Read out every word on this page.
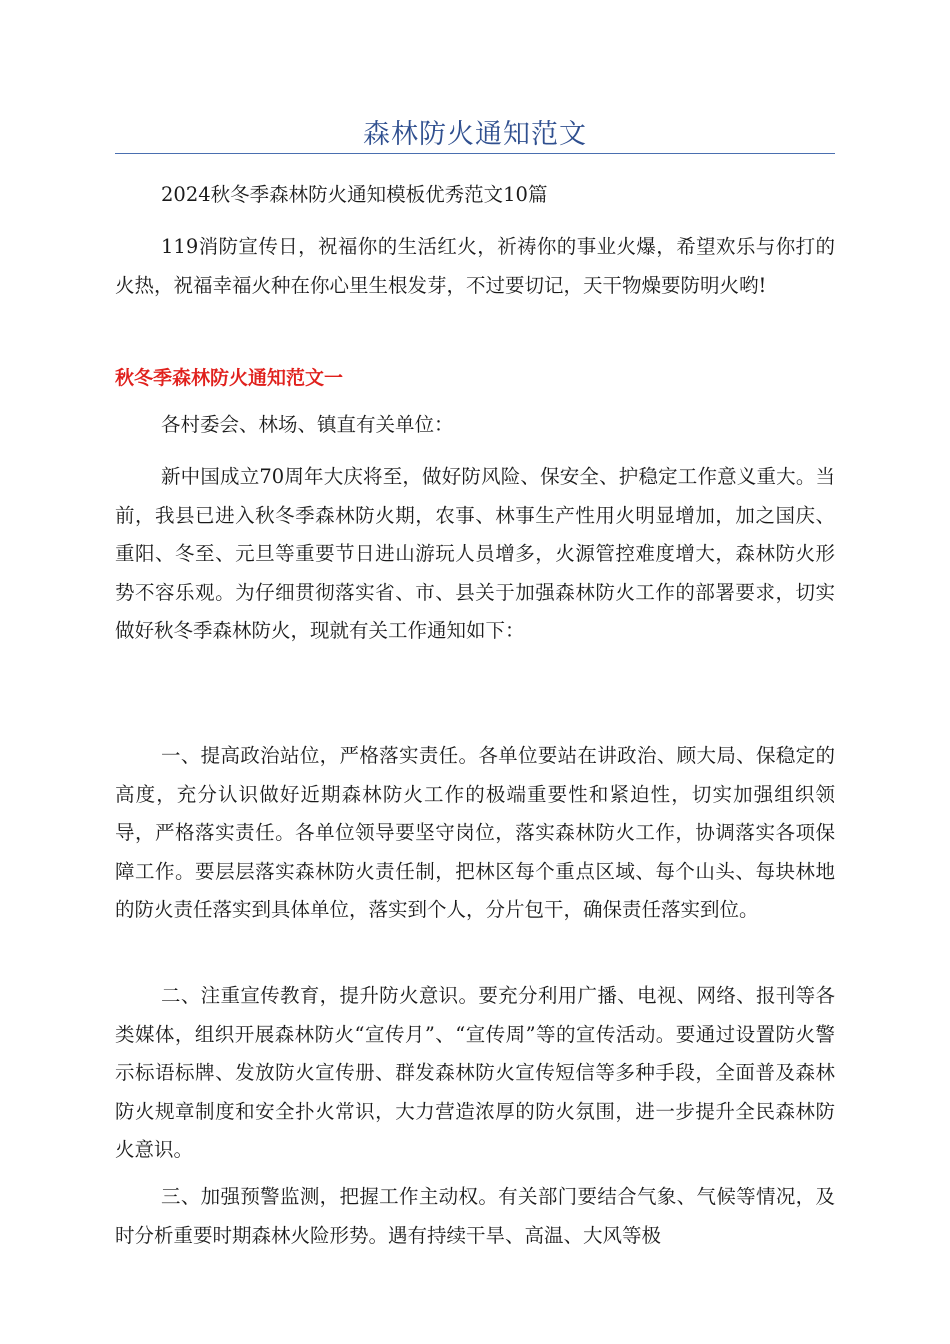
森林防火通知范文
2024秋冬季森林防火通知模板优秀范文10篇
119消防宣传日，祝福你的生活红火，祈祷你的事业火爆，希望欢乐与你打的火热，祝福幸福火种在你心里生根发芽，不过要切记，天干物燥要防明火哟!
秋冬季森林防火通知范文一
各村委会、林场、镇直有关单位：
新中国成立70周年大庆将至，做好防风险、保安全、护稳定工作意义重大。当前，我县已进入秋冬季森林防火期，农事、林事生产性用火明显增加，加之国庆、重阳、冬至、元旦等重要节日进山游玩人员增多，火源管控难度增大，森林防火形势不容乐观。为仔细贯彻落实省、市、县关于加强森林防火工作的部署要求，切实做好秋冬季森林防火，现就有关工作通知如下：
一、提高政治站位，严格落实责任。各单位要站在讲政治、顾大局、保稳定的高度，充分认识做好近期森林防火工作的极端重要性和紧迫性，切实加强组织领导，严格落实责任。各单位领导要坚守岗位，落实森林防火工作，协调落实各项保障工作。要层层落实森林防火责任制，把林区每个重点区域、每个山头、每块林地的防火责任落实到具体单位，落实到个人，分片包干，确保责任落实到位。
二、注重宣传教育，提升防火意识。要充分利用广播、电视、网络、报刊等各类媒体，组织开展森林防火“宣传月”、“宣传周”等的宣传活动。要通过设置防火警示标语标牌、发放防火宣传册、群发森林防火宣传短信等多种手段，全面普及森林防火规章制度和安全扑火常识，大力营造浓厚的防火氛围，进一步提升全民森林防火意识。
三、加强预警监测，把握工作主动权。有关部门要结合气象、气候等情况，及时分析重要时期森林火险形势。遇有持续干旱、高温、大风等极
